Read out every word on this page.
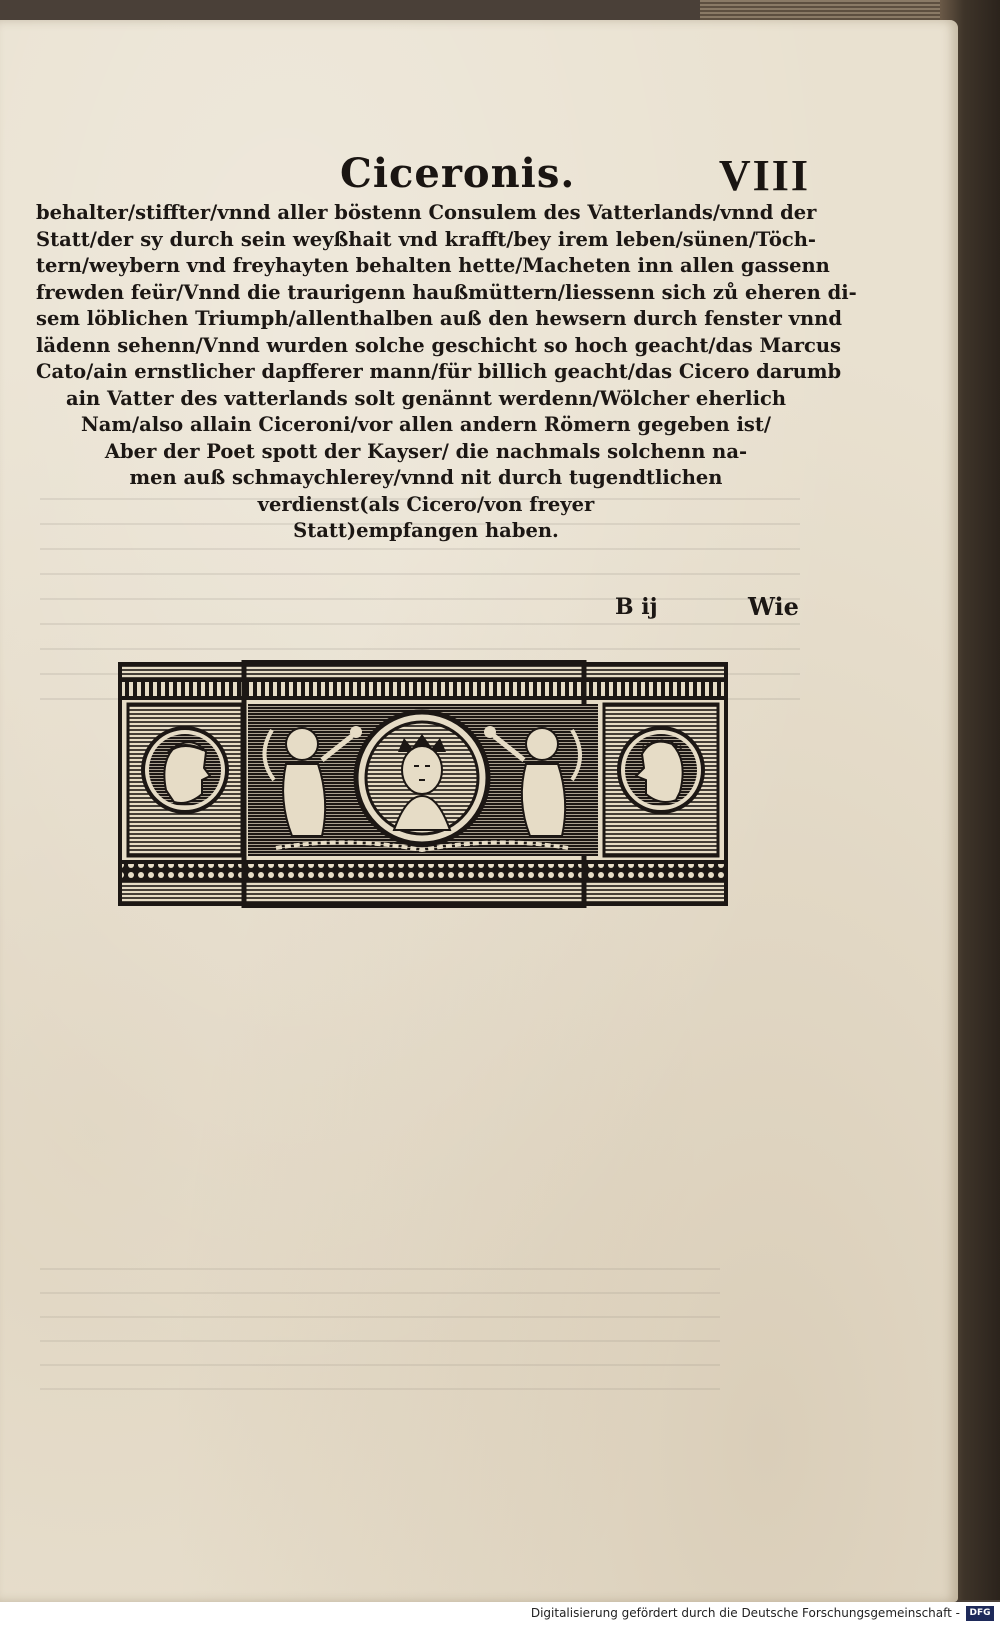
Ciceronis.	VIII
behalter/stiffter/vnnd aller böstenn Consulem des Vatterlands/vnnd der
Statt/der sy durch sein weyßhait vnd krafft/bey irem leben/sünen/Töch-
tern/weybern vnd freyhayten behalten hette/Macheten inn allen gassenn
frewden feür/Vnnd die traurigenn haußmüttern/liessenn sich zů eheren di-
sem löblichen Triumph/allenthalben auß den hewsern durch fenster vnnd
lädenn sehenn/Vnnd wurden solche geschicht so hoch geacht/das Marcus
Cato/ain ernstlicher dapfferer mann/für billich geacht/das Cicero darumb
ain Vatter des vatterlands solt genännt werdenn/Wölcher eherlich
Nam/also allain Ciceroni/vor allen andern Römern gegeben ist/
Aber der Poet spott der Kayser/ die nachmals solchenn na-
men auß schmaychlerey/vnnd nit durch tugendtlichen
verdienst(als Cicero/von freyer
Statt)empfangen haben.
B ij	Wie
Digitalisierung gefördert durch die Deutsche Forschungsgemeinschaft -	DFG
